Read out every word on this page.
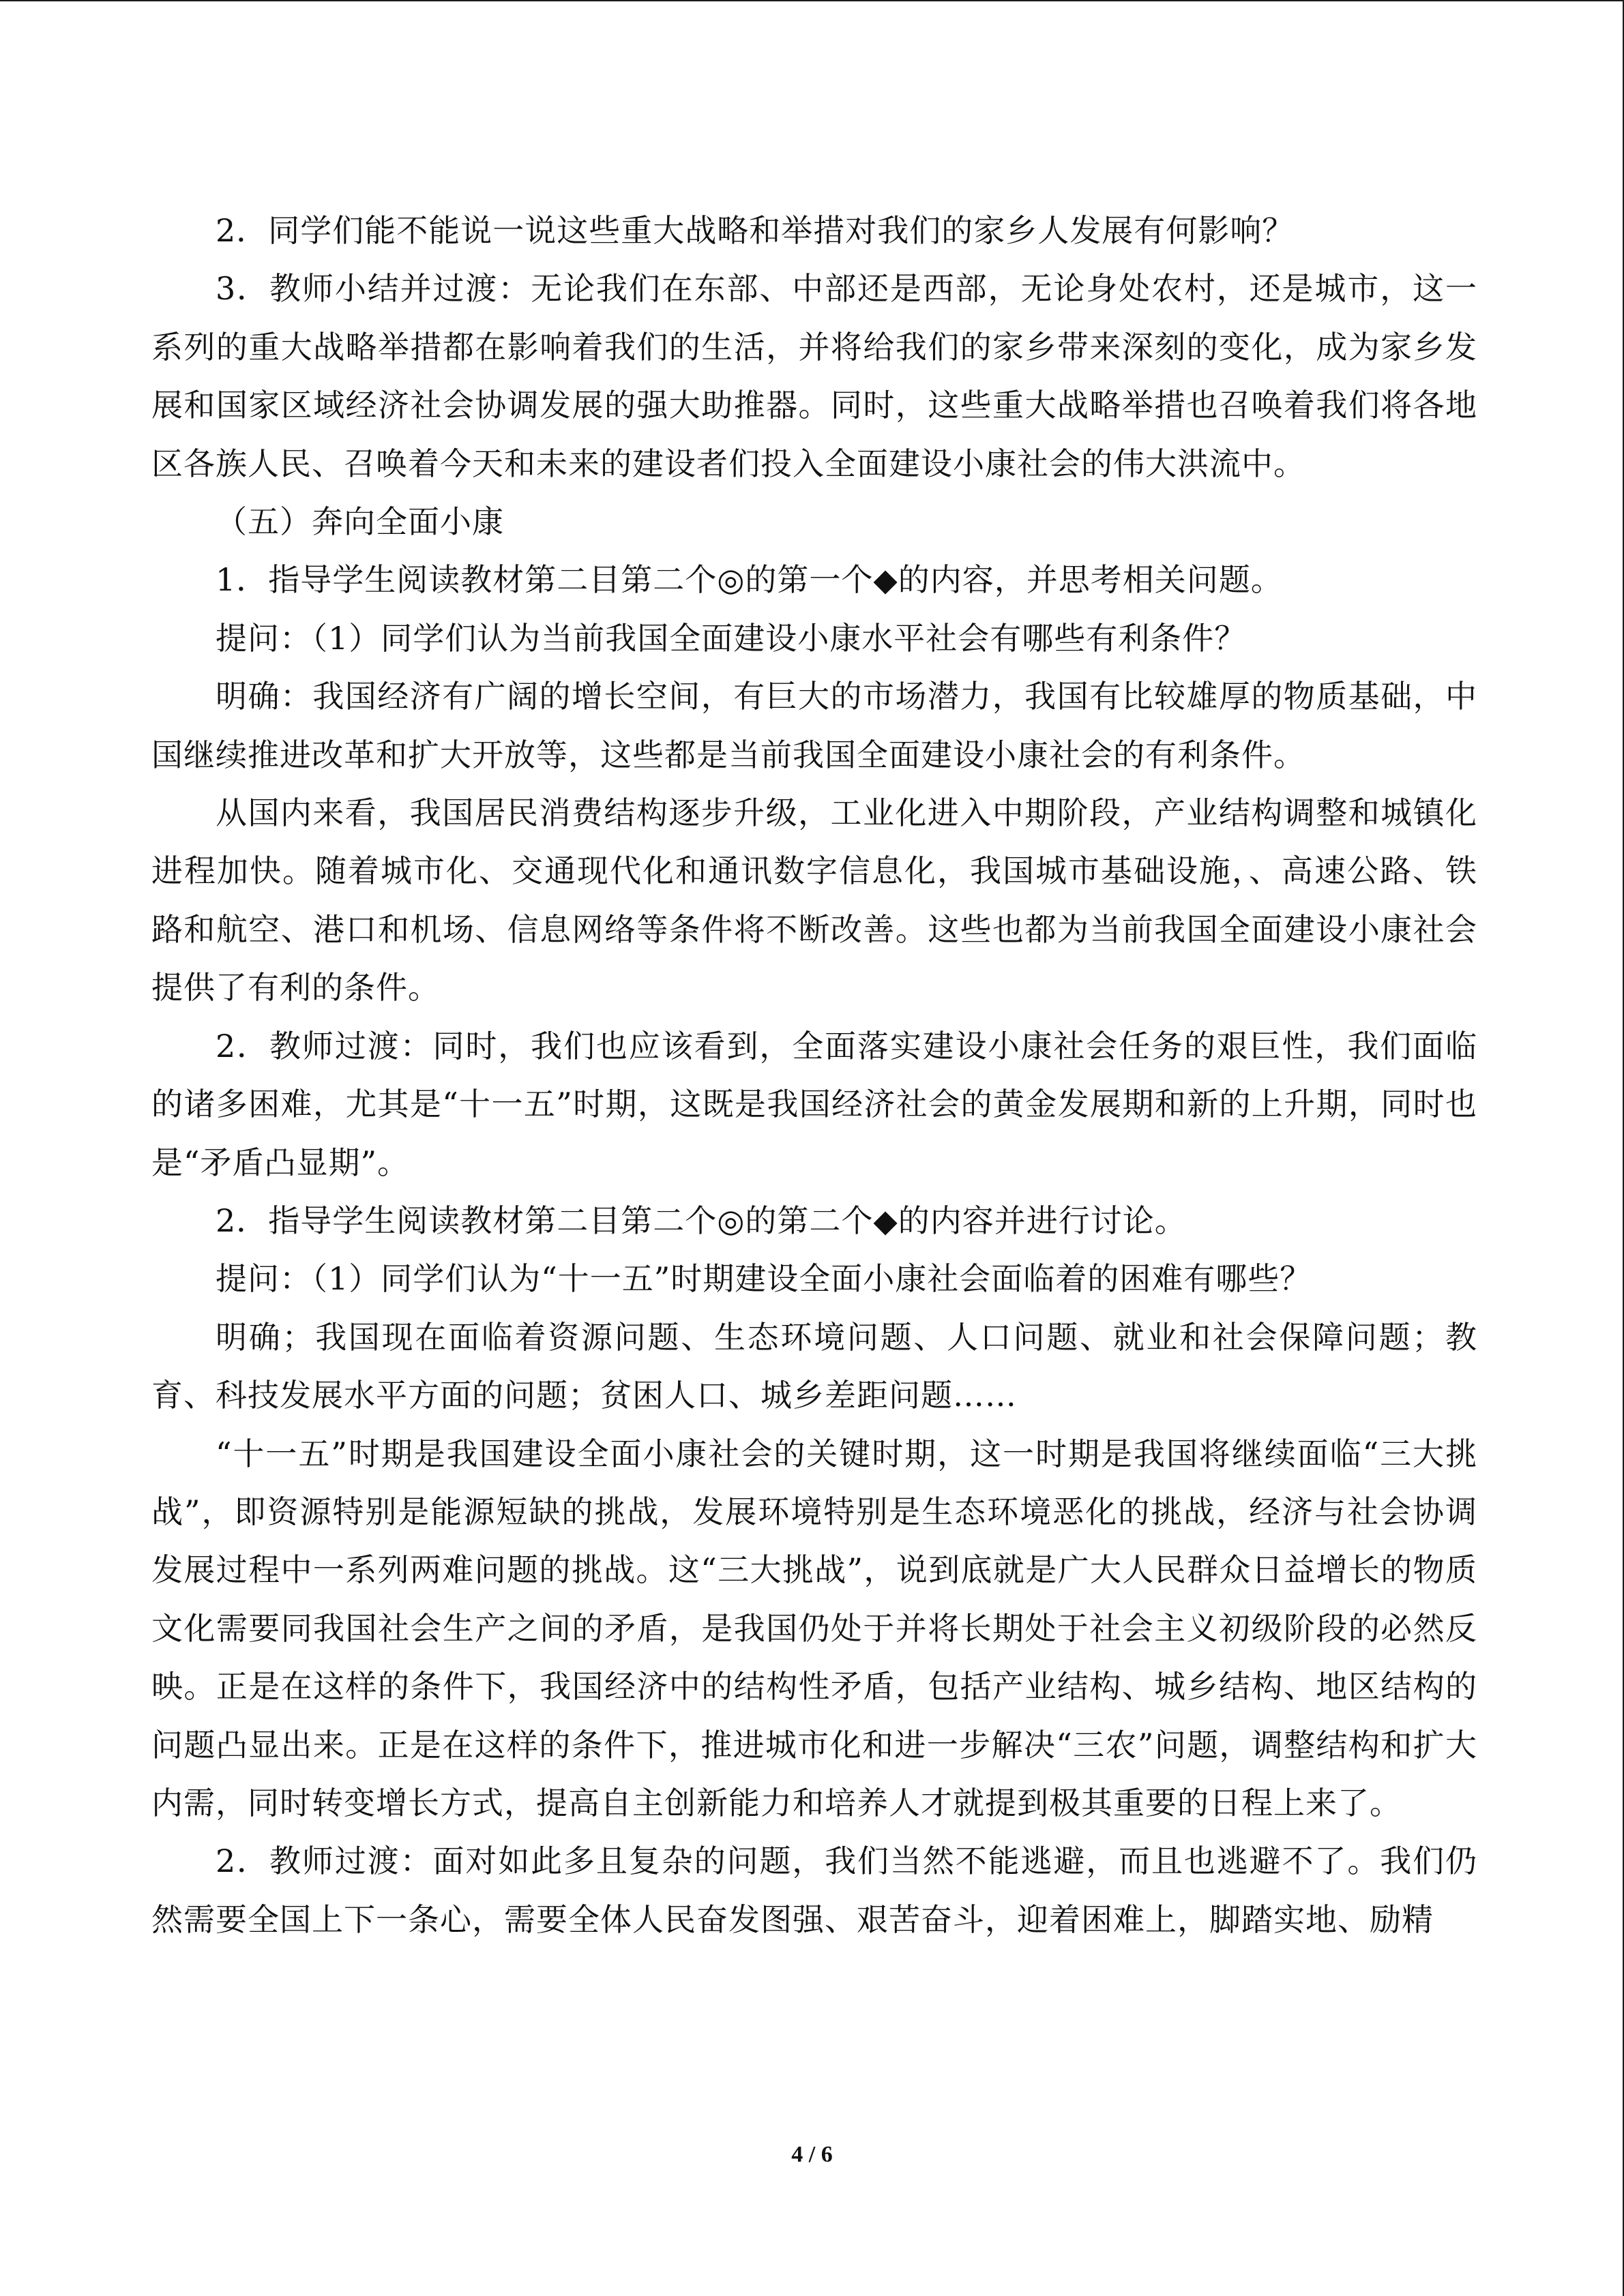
2．同学们能不能说一说这些重大战略和举措对我们的家乡人发展有何影响？

3．教师小结并过渡：无论我们在东部、中部还是西部，无论身处农村，还是城市，这一系列的重大战略举措都在影响着我们的生活，并将给我们的家乡带来深刻的变化，成为家乡发展和国家区域经济社会协调发展的强大助推器。同时，这些重大战略举措也召唤着我们将各地区各族人民、召唤着今天和未来的建设者们投入全面建设小康社会的伟大洪流中。

（五）奔向全面小康

1．指导学生阅读教材第二目第二个◎的第一个◆的内容，并思考相关问题。

提问：（1）同学们认为当前我国全面建设小康水平社会有哪些有利条件？

明确：我国经济有广阔的增长空间，有巨大的市场潜力，我国有比较雄厚的物质基础，中国继续推进改革和扩大开放等，这些都是当前我国全面建设小康社会的有利条件。

从国内来看，我国居民消费结构逐步升级，工业化进入中期阶段，产业结构调整和城镇化进程加快。随着城市化、交通现代化和通讯数字信息化，我国城市基础设施，、高速公路、铁路和航空、港口和机场、信息网络等条件将不断改善。这些也都为当前我国全面建设小康社会提供了有利的条件。

2．教师过渡：同时，我们也应该看到，全面落实建设小康社会任务的艰巨性，我们面临的诸多困难，尤其是“十一五”时期，这既是我国经济社会的黄金发展期和新的上升期，同时也是“矛盾凸显期”。

2．指导学生阅读教材第二目第二个◎的第二个◆的内容并进行讨论。

提问：（1）同学们认为“十一五”时期建设全面小康社会面临着的困难有哪些？

明确；我国现在面临着资源问题、生态环境问题、人口问题、就业和社会保障问题；教育、科技发展水平方面的问题；贫困人口、城乡差距问题……

“十一五”时期是我国建设全面小康社会的关键时期，这一时期是我国将继续面临“三大挑战”，即资源特别是能源短缺的挑战，发展环境特别是生态环境恶化的挑战，经济与社会协调发展过程中一系列两难问题的挑战。这“三大挑战”，说到底就是广大人民群众日益增长的物质文化需要同我国社会生产之间的矛盾，是我国仍处于并将长期处于社会主义初级阶段的必然反映。正是在这样的条件下，我国经济中的结构性矛盾，包括产业结构、城乡结构、地区结构的问题凸显出来。正是在这样的条件下，推进城市化和进一步解决“三农”问题，调整结构和扩大内需，同时转变增长方式，提高自主创新能力和培养人才就提到极其重要的日程上来了。

2．教师过渡：面对如此多且复杂的问题，我们当然不能逃避，而且也逃避不了。我们仍然需要全国上下一条心，需要全体人民奋发图强、艰苦奋斗，迎着困难上，脚踏实地、励精

4 / 6
